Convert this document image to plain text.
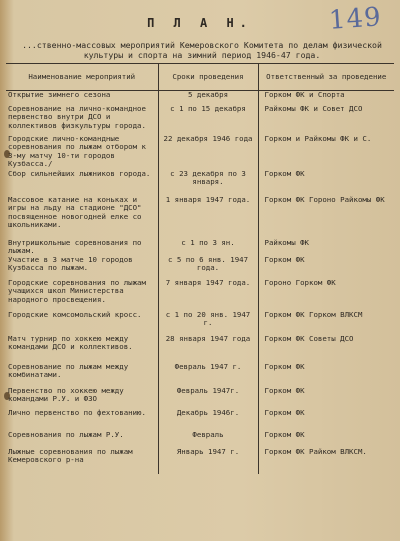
149
П Л А Н.
...ственно-массовых мероприятий Кемеровского Комитета по делам физической культуры и спорта на зимний период 1946-47 года.
Наименование мероприятий	Сроки проведения	Ответственный за проведение
Открытие зимнего сезона	5 декабря	Горком ФК и Спорта
Соревнование на лично-командное первенство внутри ДСО и коллективов физкультуры города.	с 1 по 15 декабря	Райкомы ФК и Совет ДСО
Городские лично-командные соревнования по лыжам отбором к 3-му матчу 10-ти городов Кузбасса./	22 декабря 1946 года	Горком и Райкомы ФК и С.
Сбор сильнейших лыжников города.	с 23 декабря по 3 января.	Горком ФК
Массовое катание на коньках и игры на льду на стадионе "ДСО" посвященное новогодней елке со школьниками.	1 января 1947 года.	Горком ФК Гороно Райкомы ФК
Внутришкольные соревнования по лыжам.	с 1 по 3 ян.	Райкомы ФК
Участие в 3 матче 10 городов Кузбасса по лыжам.	с 5 по 6 янв. 1947 года.	Горком ФК
Городские соревнования по лыжам учащихся школ Министерства народного просвещения.	7 января 1947 года.	Гороно Горком ФК
Городские комсомольский кросс.	с 1 по 20 янв. 1947 г.	Горком ФК Горком ВЛКСМ
Матч турнир по хоккею между командами ДСО и коллективов.	28 января 1947 года	Горком ФК Советы ДСО
Соревнование по лыжам между комбинатами.	Февраль 1947 г.	Горком ФК
Первенство по хоккею между командами Р.У. и ФЗО	Февраль 1947г.	Горком ФК
Лично первенство по фехтованию.	Декабрь 1946г.	Горком ФК
Соревнования по лыжам Р.У.	Февраль	Горком ФК
Лыжные соревнования по лыжам Кемеровского р-на	Январь 1947 г.	Горком ФК Райком ВЛКСМ.
